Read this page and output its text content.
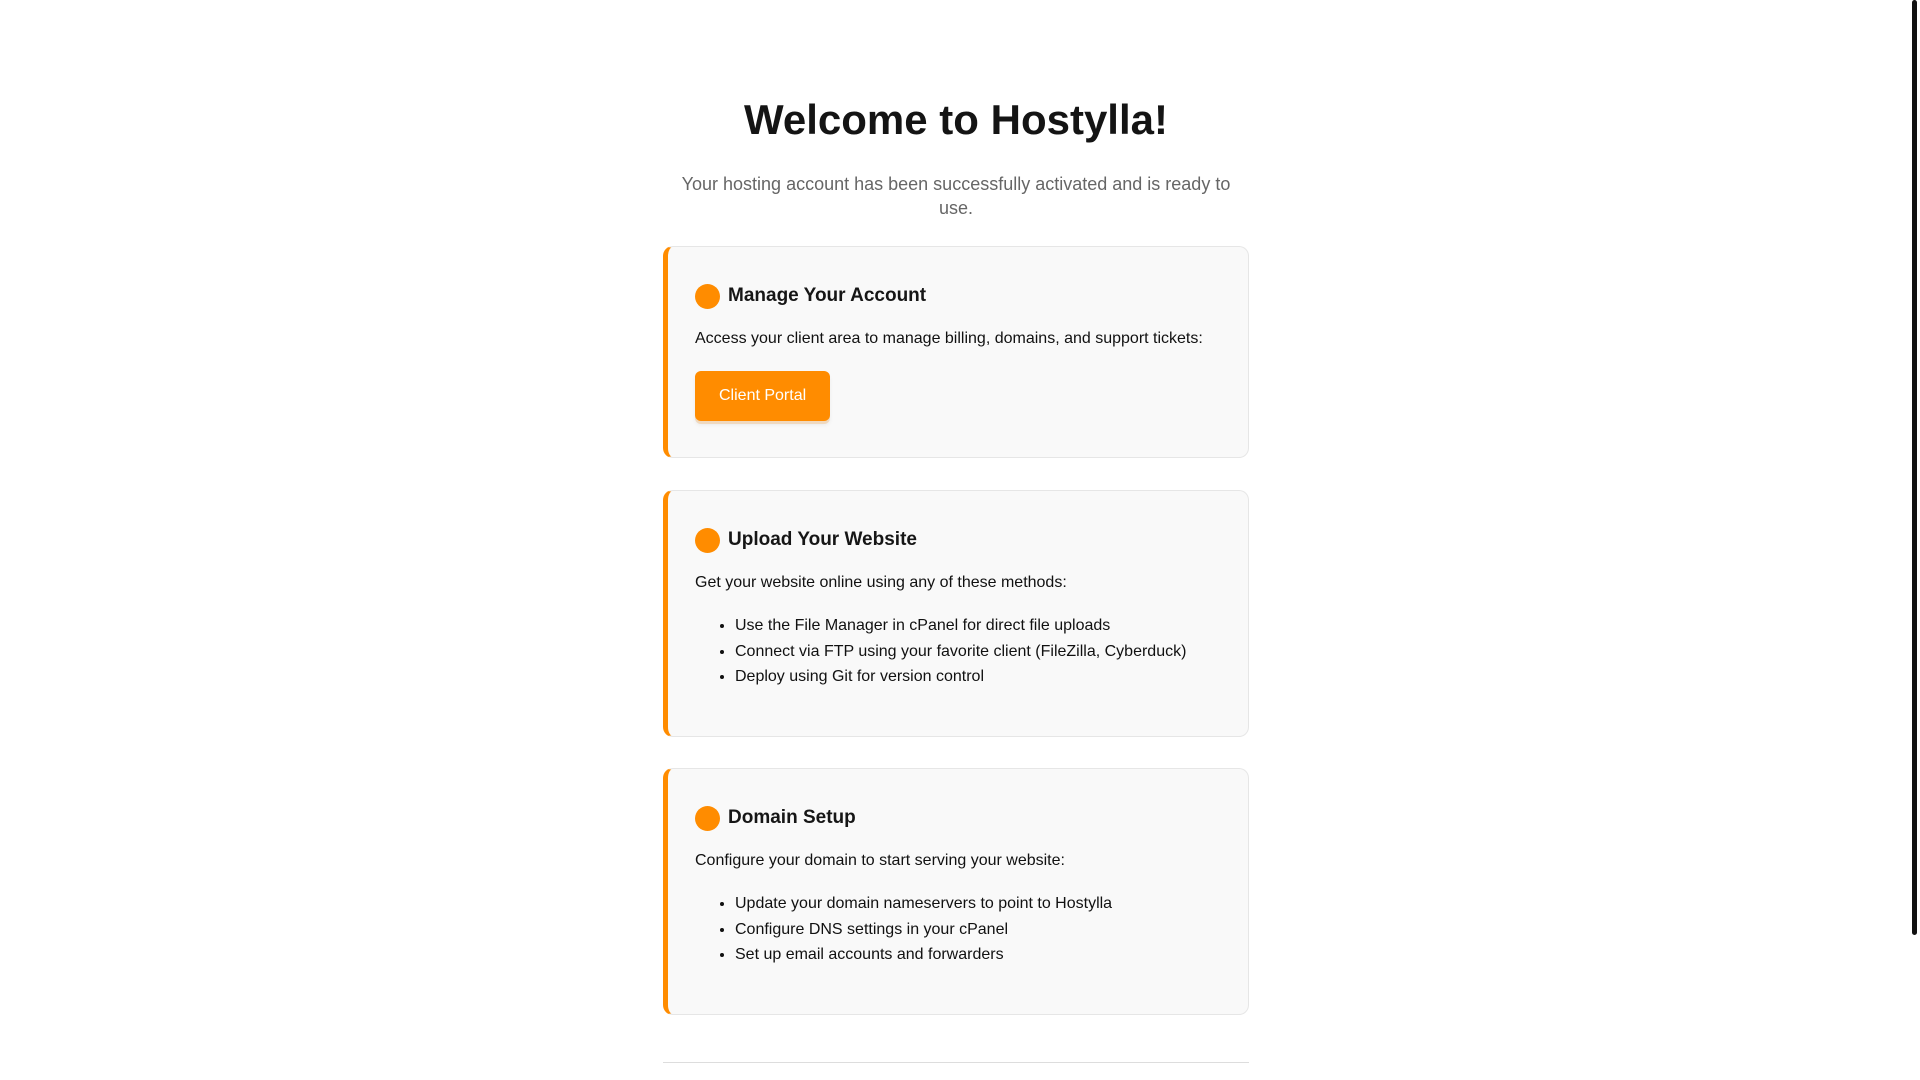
Welcome to Hostylla!
Your hosting account has been successfully activated and is ready to use.
Manage Your Account
Access your client area to manage billing, domains, and support tickets:
Client Portal
Upload Your Website
Get your website online using any of these methods:
• Use the File Manager in cPanel for direct file uploads
• Connect via FTP using your favorite client (FileZilla, Cyberduck)
• Deploy using Git for version control
Domain Setup
Configure your domain to start serving your website:
• Update your domain nameservers to point to Hostylla
• Configure DNS settings in your cPanel
• Set up email accounts and forwarders
